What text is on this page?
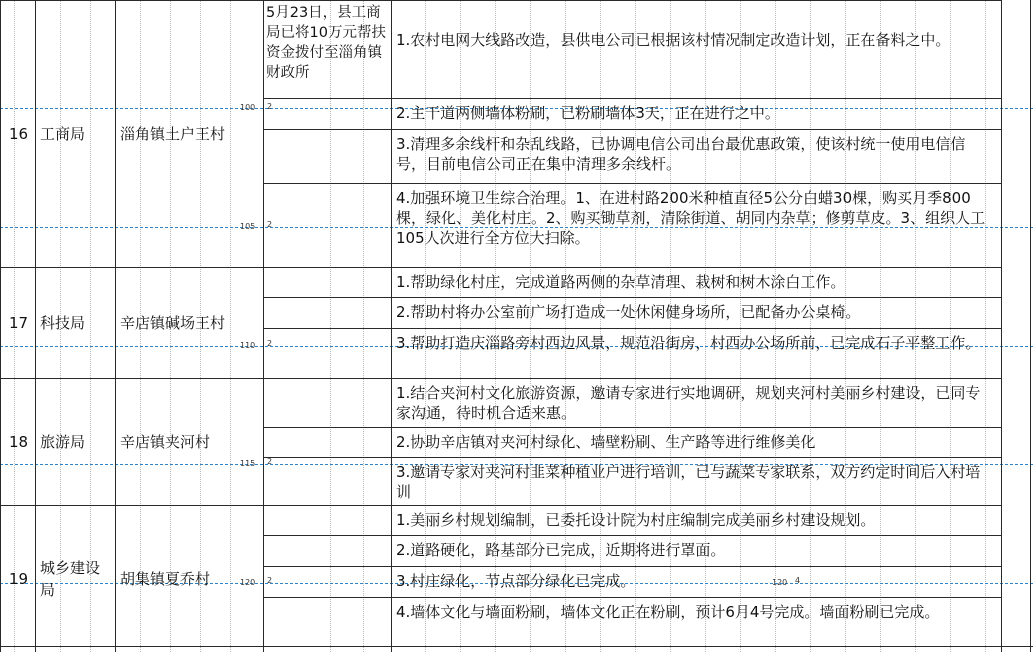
16 工商局 淄角镇土户王村
5月23日，县工商局已将10万元帮扶资金拨付至淄角镇财政所
1.农村电网大线路改造，县供电公司已根据该村情况制定改造计划，正在备料之中。
2.主干道两侧墙体粉刷，已粉刷墙体3天，正在进行之中。
3.清理多余线杆和杂乱线路，已协调电信公司出台最优惠政策，使该村统一使用电信信号，目前电信公司正在集中清理多余线杆。
4.加强环境卫生综合治理。1、在进村路200米种植直径5公分白蜡30棵，购买月季800棵，绿化、美化村庄。2、购买锄草剂，清除街道、胡同内杂草；修剪草皮。3、组织人工105人次进行全方位大扫除。
17 科技局 辛店镇碱场王村
1.帮助绿化村庄，完成道路两侧的杂草清理、栽树和树木涂白工作。
2.帮助村将办公室前广场打造成一处休闲健身场所，已配备办公桌椅。
3.帮助打造庆淄路旁村西边风景，规范沿街房，村西办公场所前，已完成石子平整工作。
18 旅游局 辛店镇夹河村
1.结合夹河村文化旅游资源，邀请专家进行实地调研，规划夹河村美丽乡村建设，已同专家沟通，待时机合适来惠。
2.协助辛店镇对夹河村绿化、墙壁粉刷、生产路等进行维修美化
3.邀请专家对夹河村韭菜种植业户进行培训，已与蔬菜专家联系，双方约定时间后入村培训
19
城乡建设局
胡集镇夏乔村
1.美丽乡村规划编制，已委托设计院为村庄编制完成美丽乡村建设规划。
2.道路硬化，路基部分已完成，近期将进行罩面。
3.村庄绿化，节点部分绿化已完成。
4.墙体文化与墙面粉刷，墙体文化正在粉刷，预计6月4号完成。墙面粉刷已完成。
100
105
110
115
120
2
2
2
2
2	120 4
